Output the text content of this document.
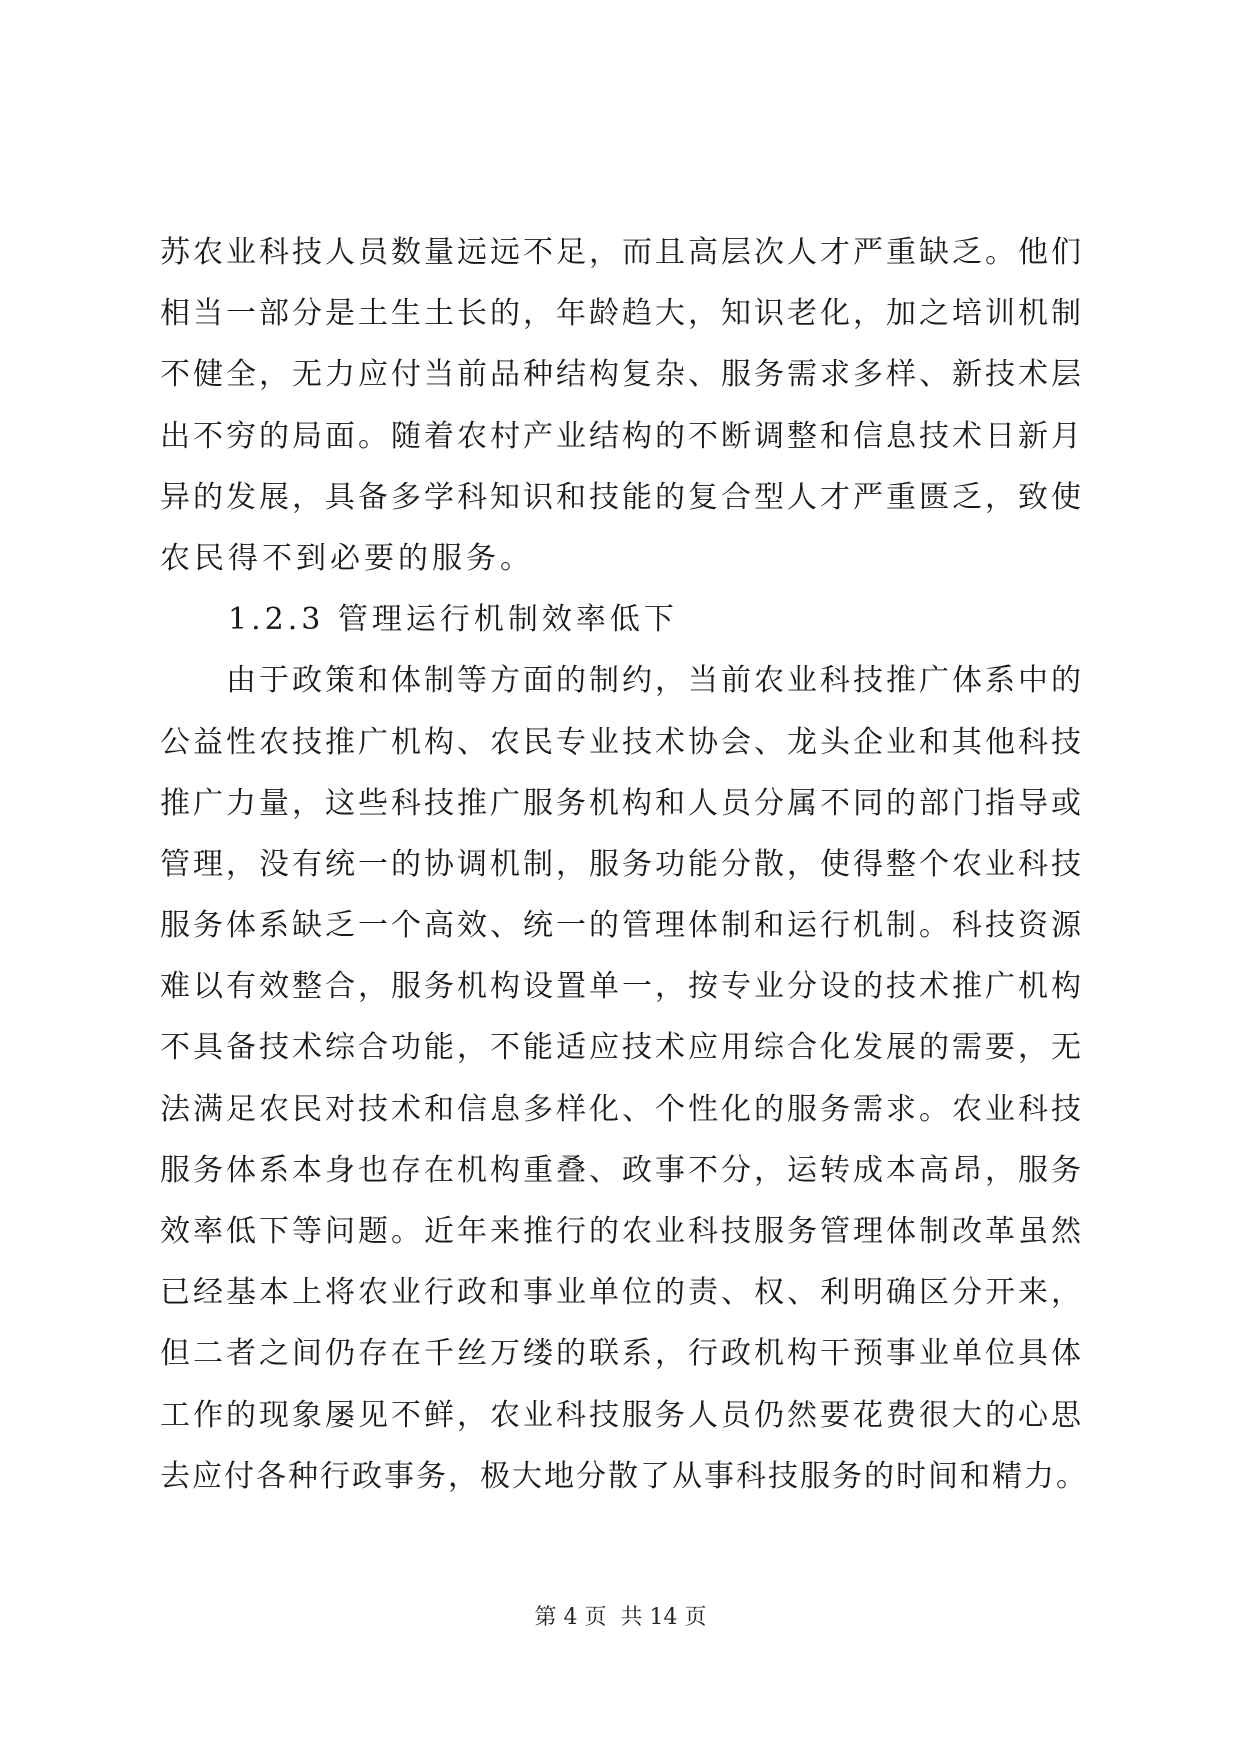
苏农业科技人员数量远远不足，而且高层次人才严重缺乏。他们
相当一部分是土生土长的，年龄趋大，知识老化，加之培训机制
不健全，无力应付当前品种结构复杂、服务需求多样、新技术层
出不穷的局面。随着农村产业结构的不断调整和信息技术日新月
异的发展，具备多学科知识和技能的复合型人才严重匮乏，致使
农民得不到必要的服务。
　　1.2.3 管理运行机制效率低下
　　由于政策和体制等方面的制约，当前农业科技推广体系中的
公益性农技推广机构、农民专业技术协会、龙头企业和其他科技
推广力量，这些科技推广服务机构和人员分属不同的部门指导或
管理，没有统一的协调机制，服务功能分散，使得整个农业科技
服务体系缺乏一个高效、统一的管理体制和运行机制。科技资源
难以有效整合，服务机构设置单一，按专业分设的技术推广机构
不具备技术综合功能，不能适应技术应用综合化发展的需要，无
法满足农民对技术和信息多样化、个性化的服务需求。农业科技
服务体系本身也存在机构重叠、政事不分，运转成本高昂，服务
效率低下等问题。近年来推行的农业科技服务管理体制改革虽然
已经基本上将农业行政和事业单位的责、权、利明确区分开来，
但二者之间仍存在千丝万缕的联系，行政机构干预事业单位具体
工作的现象屡见不鲜，农业科技服务人员仍然要花费很大的心思
去应付各种行政事务，极大地分散了从事科技服务的时间和精力。
第 4 页  共 14 页
